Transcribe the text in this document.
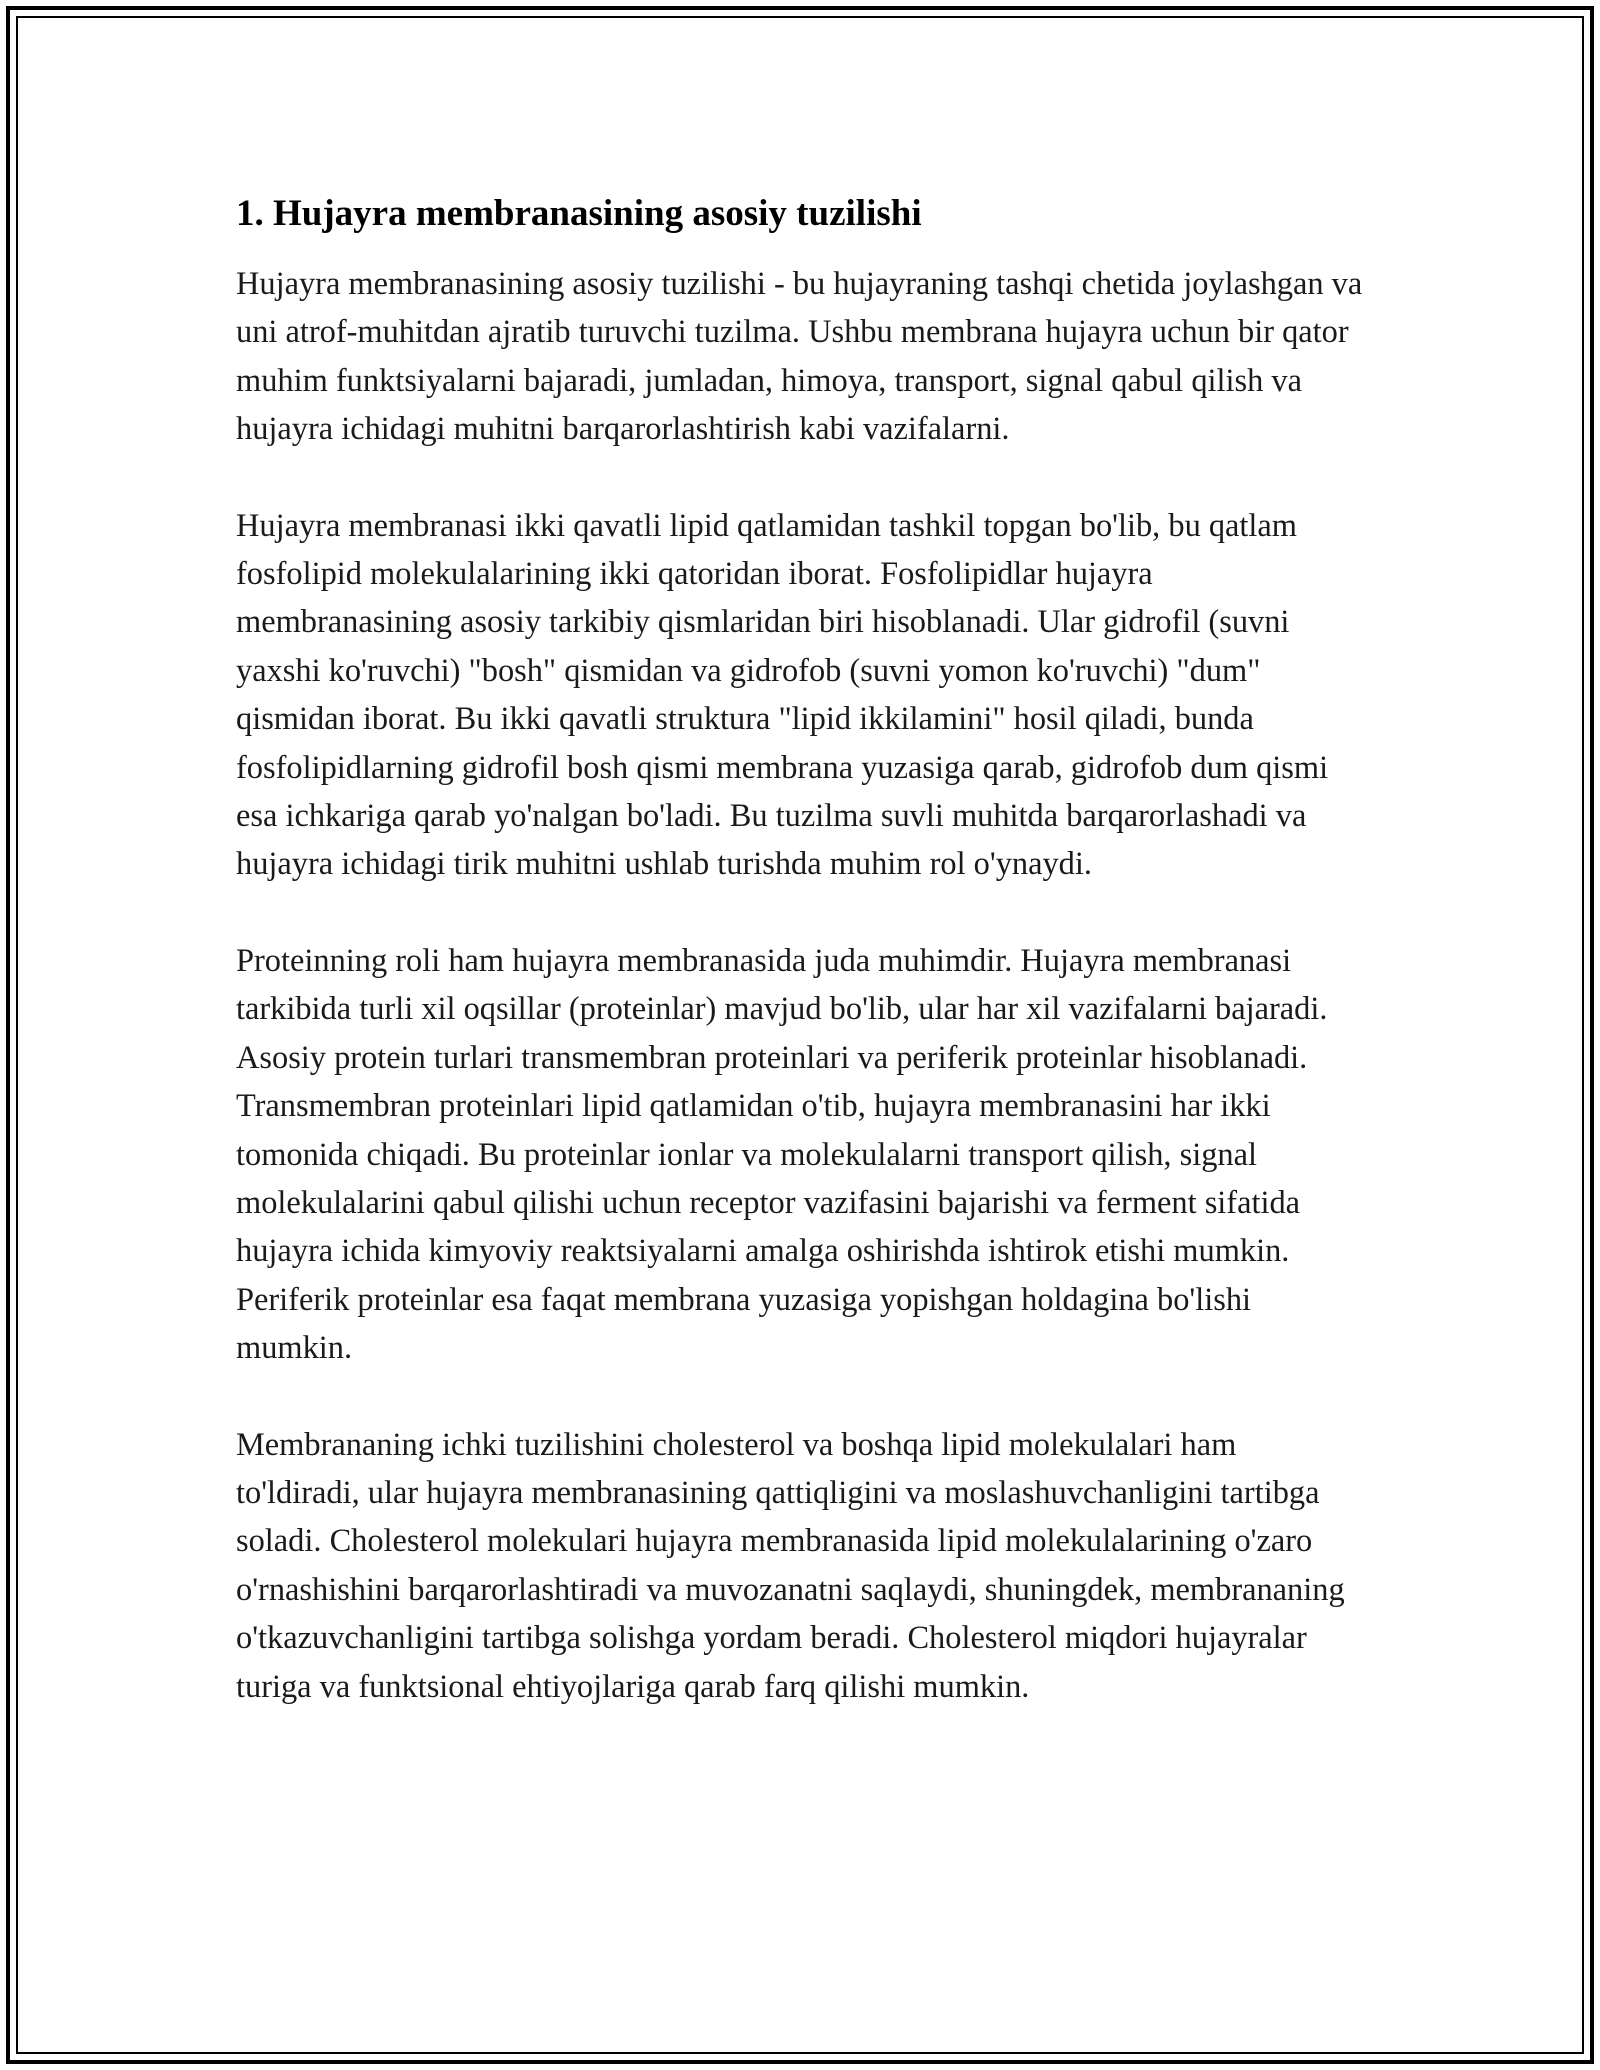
1. Hujayra membranasining asosiy tuzilishi

Hujayra membranasining asosiy tuzilishi - bu hujayraning tashqi chetida joylashgan va uni atrof-muhitdan ajratib turuvchi tuzilma. Ushbu membrana hujayra uchun bir qator muhim funktsiyalarni bajaradi, jumladan, himoya, transport, signal qabul qilish va hujayra ichidagi muhitni barqarorlashtirish kabi vazifalarni.

Hujayra membranasi ikki qavatli lipid qatlamidan tashkil topgan bo'lib, bu qatlam fosfolipid molekulalarining ikki qatoridan iborat. Fosfolipidlar hujayra membranasining asosiy tarkibiy qismlaridan biri hisoblanadi. Ular gidrofil (suvni yaxshi ko'ruvchi) "bosh" qismidan va gidrofob (suvni yomon ko'ruvchi) "dum" qismidan iborat. Bu ikki qavatli struktura "lipid ikkilamini" hosil qiladi, bunda fosfolipidlarning gidrofil bosh qismi membrana yuzasiga qarab, gidrofob dum qismi esa ichkariga qarab yo'nalgan bo'ladi. Bu tuzilma suvli muhitda barqarorlashadi va hujayra ichidagi tirik muhitni ushlab turishda muhim rol o'ynaydi.

Proteinning roli ham hujayra membranasida juda muhimdir. Hujayra membranasi tarkibida turli xil oqsillar (proteinlar) mavjud bo'lib, ular har xil vazifalarni bajaradi. Asosiy protein turlari transmembran proteinlari va periferik proteinlar hisoblanadi. Transmembran proteinlari lipid qatlamidan o'tib, hujayra membranasini har ikki tomonida chiqadi. Bu proteinlar ionlar va molekulalarni transport qilish, signal molekulalarini qabul qilishi uchun receptor vazifasini bajarishi va ferment sifatida hujayra ichida kimyoviy reaktsiyalarni amalga oshirishda ishtirok etishi mumkin. Periferik proteinlar esa faqat membrana yuzasiga yopishgan holdagina bo'lishi mumkin.

Membrananing ichki tuzilishini cholesterol va boshqa lipid molekulalari ham to'ldiradi, ular hujayra membranasining qattiqligini va moslashuvchanligini tartibga soladi. Cholesterol molekulari hujayra membranasida lipid molekulalarining o'zaro o'rnashishini barqarorlashtiradi va muvozanatni saqlaydi, shuningdek, membrananing o'tkazuvchanligini tartibga solishga yordam beradi. Cholesterol miqdori hujayralar turiga va funktsional ehtiyojlariga qarab farq qilishi mumkin.
